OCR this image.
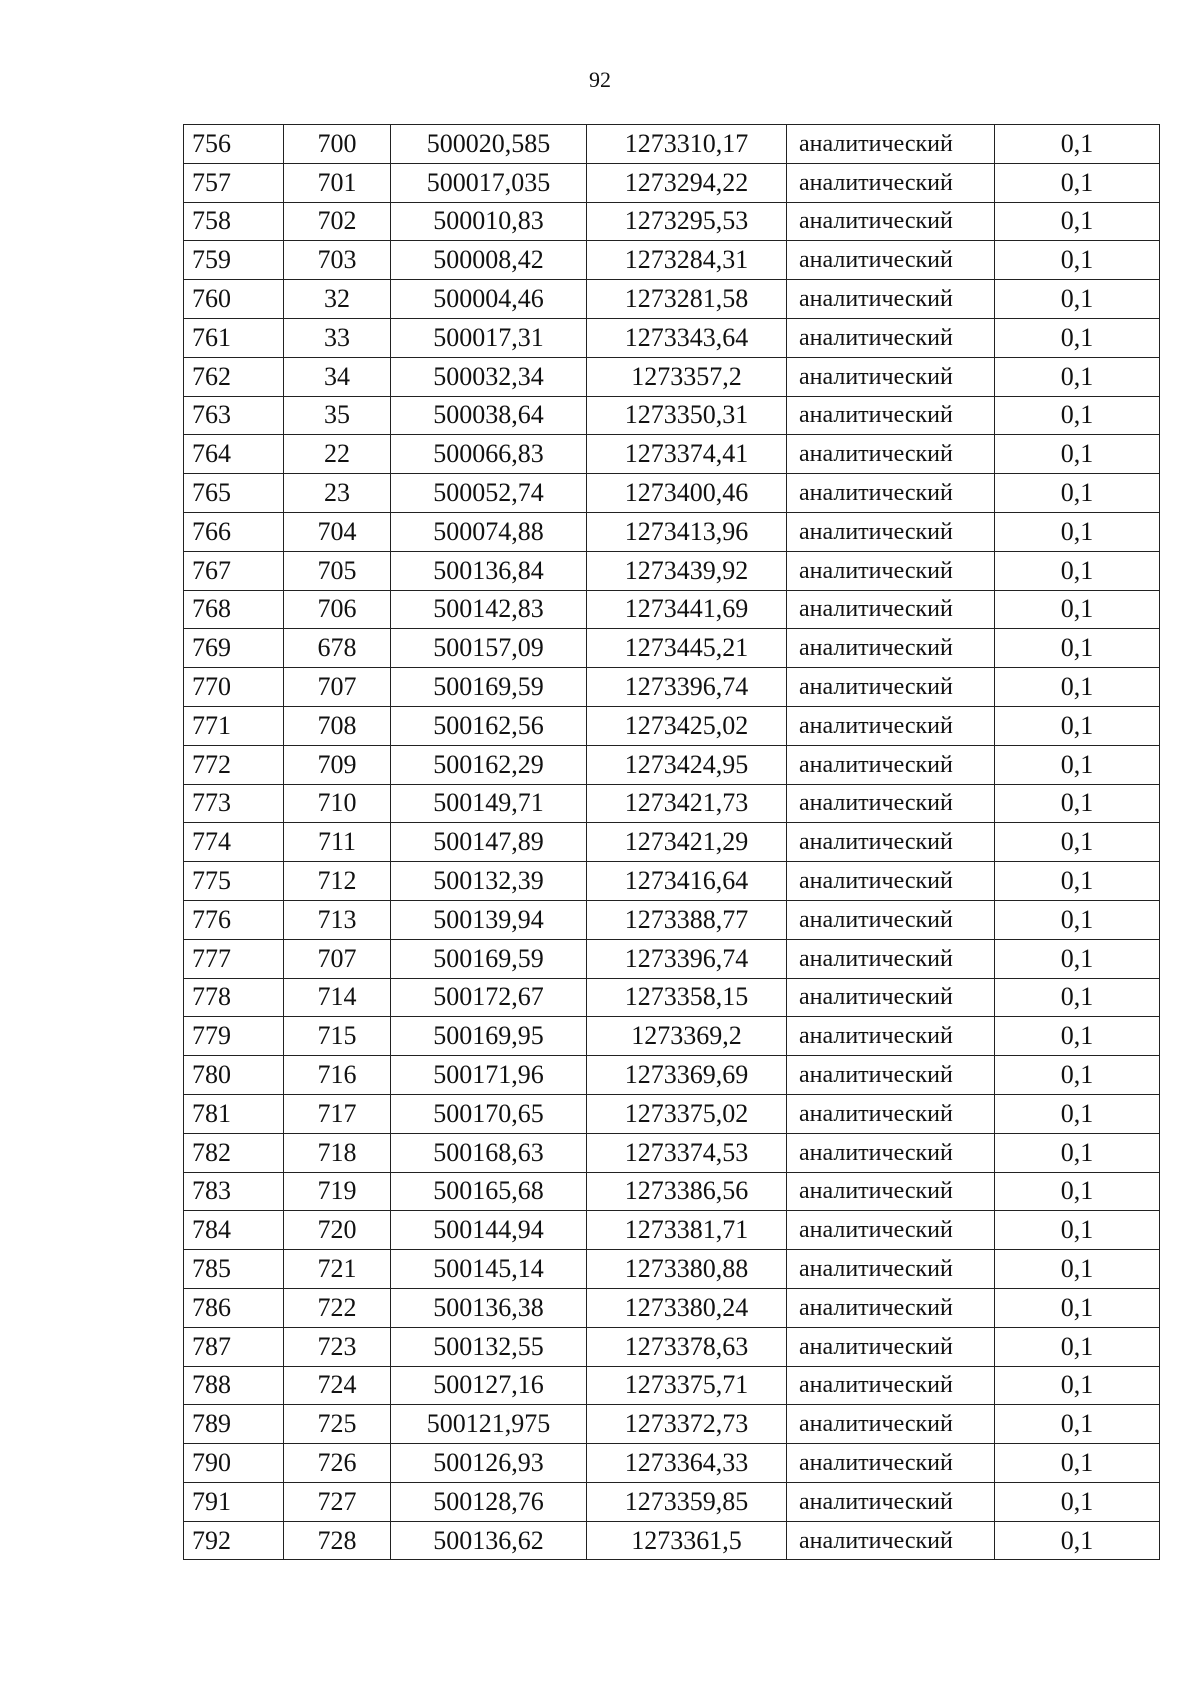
92
756	700	500020,585	1273310,17	аналитический	0,1
757	701	500017,035	1273294,22	аналитический	0,1
758	702	500010,83	1273295,53	аналитический	0,1
759	703	500008,42	1273284,31	аналитический	0,1
760	32	500004,46	1273281,58	аналитический	0,1
761	33	500017,31	1273343,64	аналитический	0,1
762	34	500032,34	1273357,2	аналитический	0,1
763	35	500038,64	1273350,31	аналитический	0,1
764	22	500066,83	1273374,41	аналитический	0,1
765	23	500052,74	1273400,46	аналитический	0,1
766	704	500074,88	1273413,96	аналитический	0,1
767	705	500136,84	1273439,92	аналитический	0,1
768	706	500142,83	1273441,69	аналитический	0,1
769	678	500157,09	1273445,21	аналитический	0,1
770	707	500169,59	1273396,74	аналитический	0,1
771	708	500162,56	1273425,02	аналитический	0,1
772	709	500162,29	1273424,95	аналитический	0,1
773	710	500149,71	1273421,73	аналитический	0,1
774	711	500147,89	1273421,29	аналитический	0,1
775	712	500132,39	1273416,64	аналитический	0,1
776	713	500139,94	1273388,77	аналитический	0,1
777	707	500169,59	1273396,74	аналитический	0,1
778	714	500172,67	1273358,15	аналитический	0,1
779	715	500169,95	1273369,2	аналитический	0,1
780	716	500171,96	1273369,69	аналитический	0,1
781	717	500170,65	1273375,02	аналитический	0,1
782	718	500168,63	1273374,53	аналитический	0,1
783	719	500165,68	1273386,56	аналитический	0,1
784	720	500144,94	1273381,71	аналитический	0,1
785	721	500145,14	1273380,88	аналитический	0,1
786	722	500136,38	1273380,24	аналитический	0,1
787	723	500132,55	1273378,63	аналитический	0,1
788	724	500127,16	1273375,71	аналитический	0,1
789	725	500121,975	1273372,73	аналитический	0,1
790	726	500126,93	1273364,33	аналитический	0,1
791	727	500128,76	1273359,85	аналитический	0,1
792	728	500136,62	1273361,5	аналитический	0,1
